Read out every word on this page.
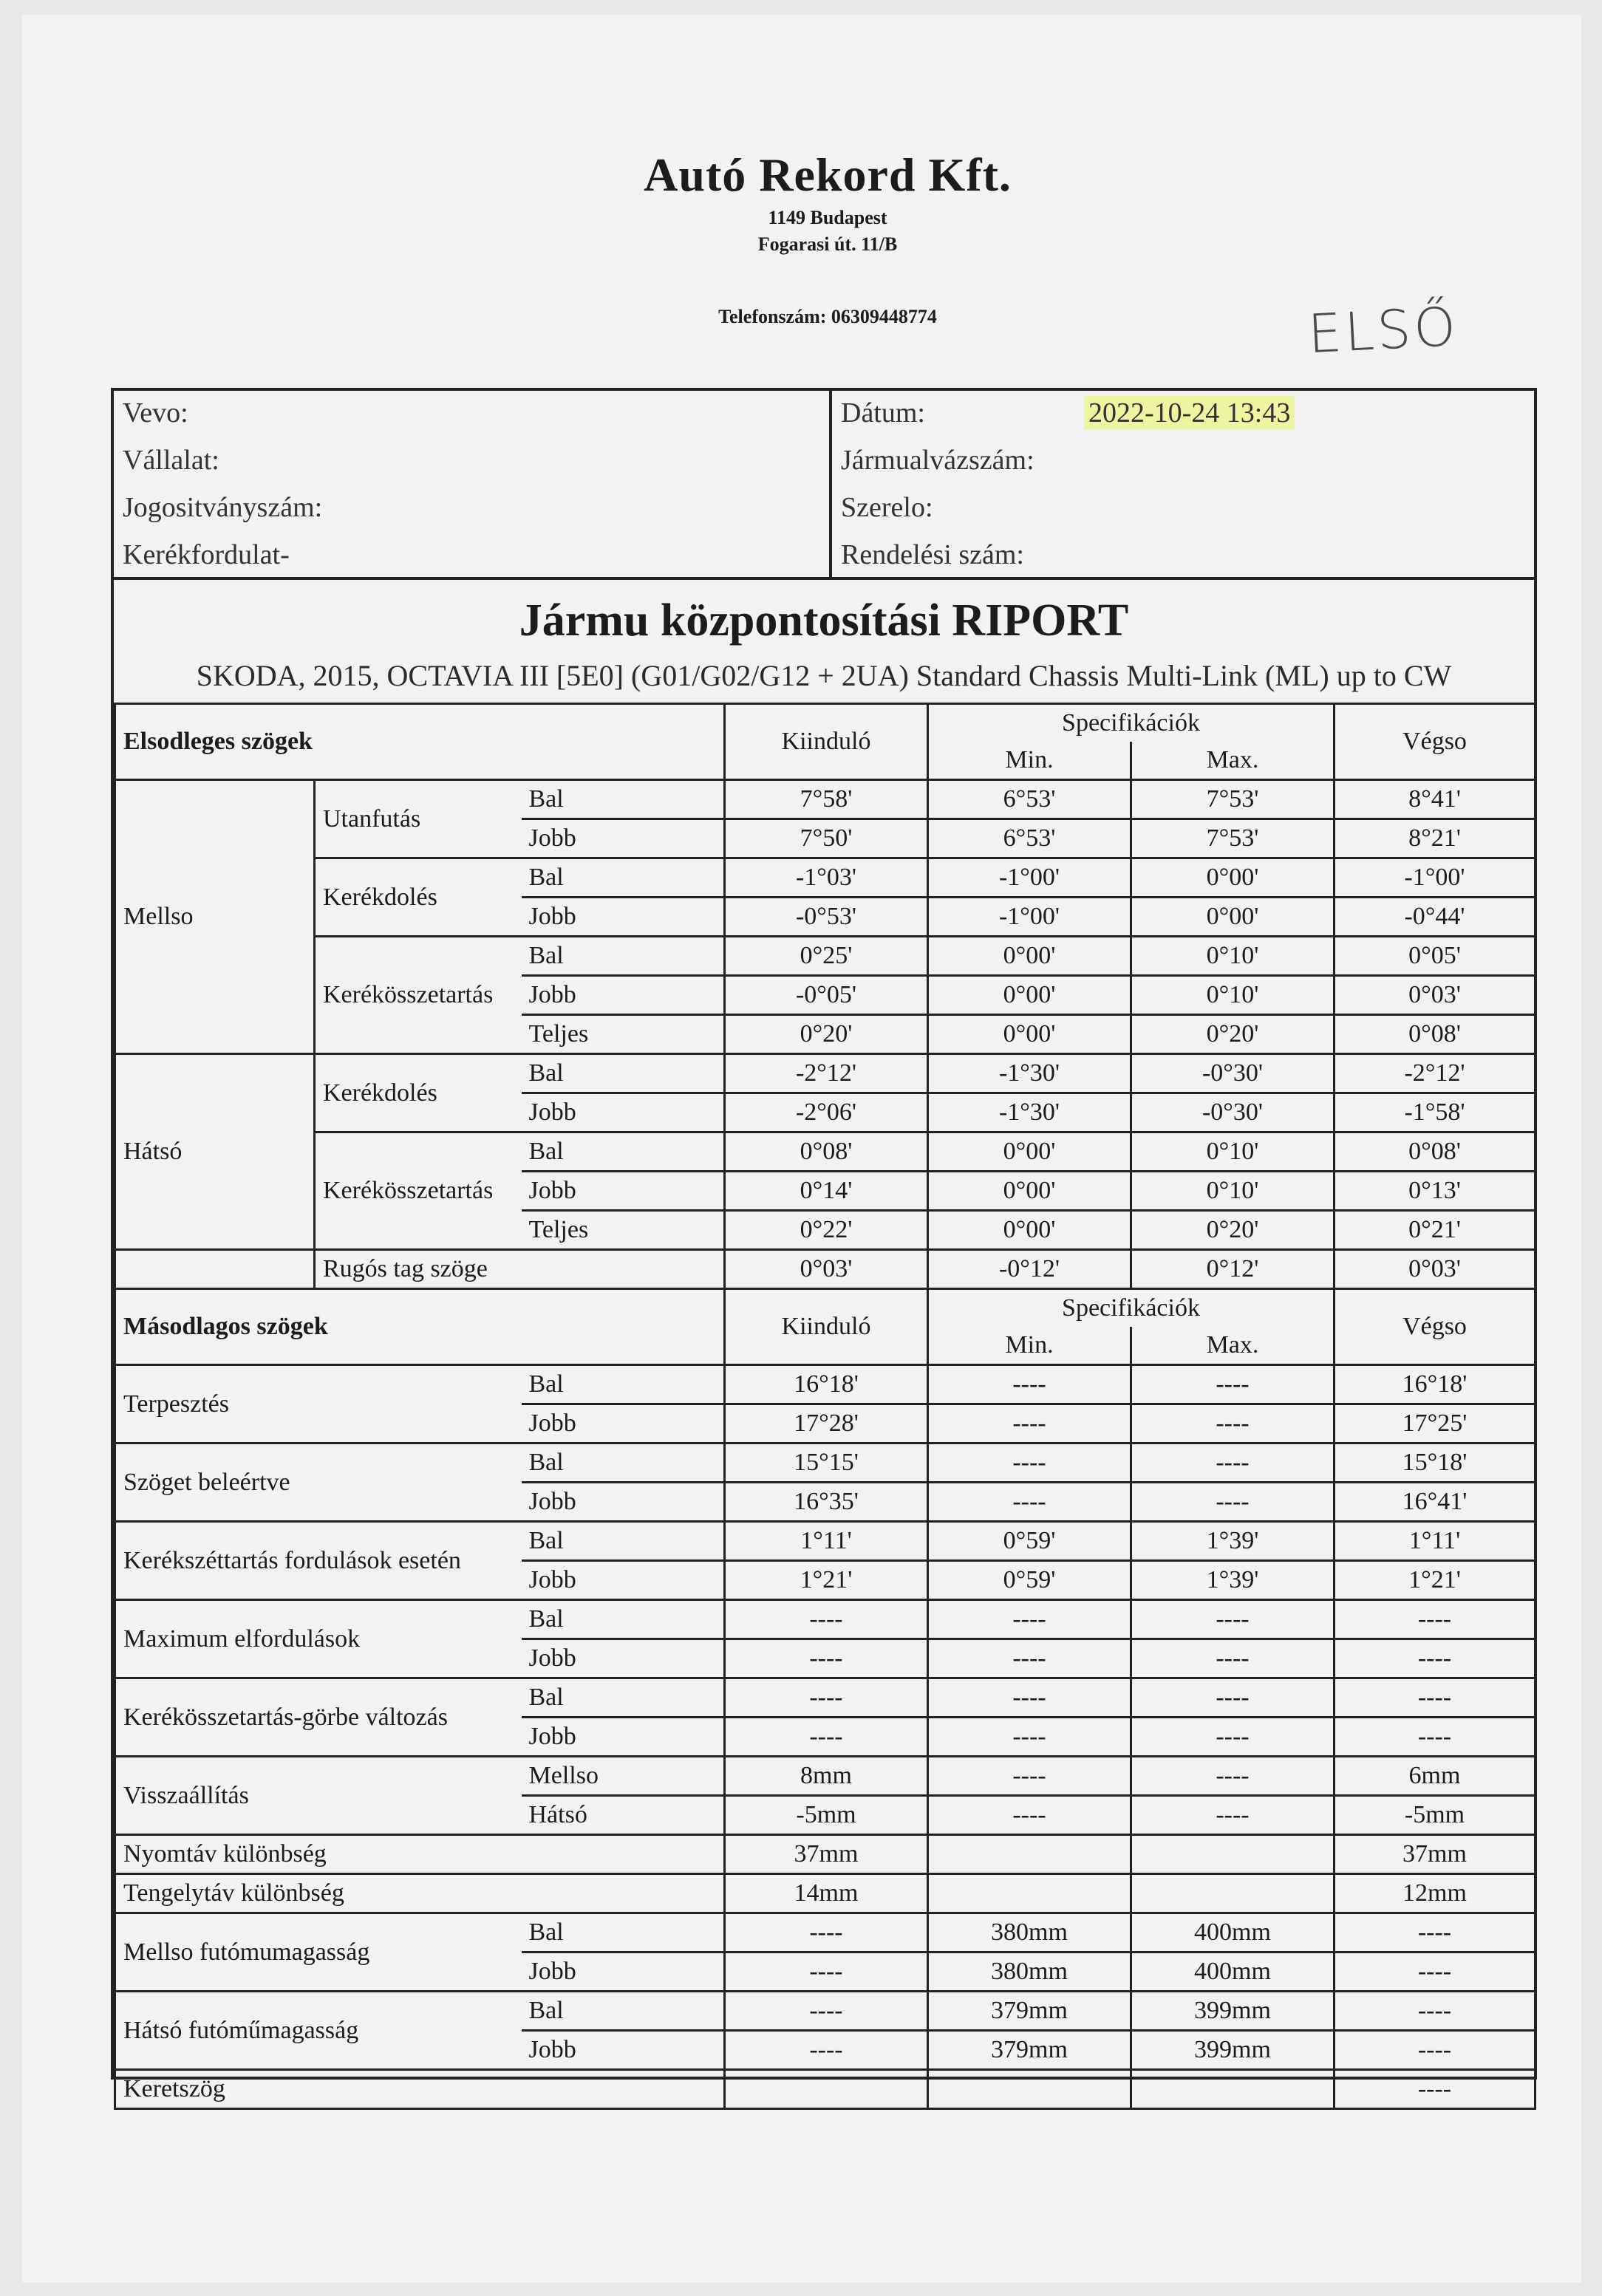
Autó Rekord Kft.
1149 Budapest
Fogarasi út. 11/B
Telefonszám: 06309448774	ELSŐ
Vevo:
Vállalat:
Jogositványszám:
Kerékfordulat-
Dátum:	2022-10-24 13:43
Jármualvázszám:
Szerelo:
Rendelési szám:
Jármu központosítási RIPORT
SKODA, 2015, OCTAVIA III [5E0] (G01/G02/G12 + 2UA) Standard Chassis Multi-Link (ML) up to CW
Elsodleges szögek			Kiinduló	Specifikációk		Végso
				Min.	Max.	
Mellso	Utanfutás	Bal	7°58'	6°53'	7°53'	8°41'
		Jobb	7°50'	6°53'	7°53'	8°21'
	Kerékdolés	Bal	-1°03'	-1°00'	0°00'	-1°00'
		Jobb	-0°53'	-1°00'	0°00'	-0°44'
	Kerékösszetartás	Bal	0°25'	0°00'	0°10'	0°05'
		Jobb	-0°05'	0°00'	0°10'	0°03'
		Teljes	0°20'	0°00'	0°20'	0°08'
Hátsó	Kerékdolés	Bal	-2°12'	-1°30'	-0°30'	-2°12'
		Jobb	-2°06'	-1°30'	-0°30'	-1°58'
	Kerékösszetartás	Bal	0°08'	0°00'	0°10'	0°08'
		Jobb	0°14'	0°00'	0°10'	0°13'
		Teljes	0°22'	0°00'	0°20'	0°21'
	Rugós tag szöge		0°03'	-0°12'	0°12'	0°03'
Másodlagos szögek			Kiinduló	Specifikációk		Végso
				Min.	Max.	
Terpesztés		Bal	16°18'	----	----	16°18'
		Jobb	17°28'	----	----	17°25'
Szöget beleértve		Bal	15°15'	----	----	15°18'
		Jobb	16°35'	----	----	16°41'
Kerékszéttartás fordulások esetén		Bal	1°11'	0°59'	1°39'	1°11'
		Jobb	1°21'	0°59'	1°39'	1°21'
Maximum elfordulások		Bal	----	----	----	----
		Jobb	----	----	----	----
Kerékösszetartás-görbe változás		Bal	----	----	----	----
		Jobb	----	----	----	----
Visszaállítás		Mellso	8mm	----	----	6mm
		Hátsó	-5mm	----	----	-5mm
Nyomtáv különbség			37mm			37mm
Tengelytáv különbség			14mm			12mm
Mellso futómumagasság		Bal	----	380mm	400mm	----
		Jobb	----	380mm	400mm	----
Hátsó futóműmagasság		Bal	----	379mm	399mm	----
		Jobb	----	379mm	399mm	----
Keretszög						----
